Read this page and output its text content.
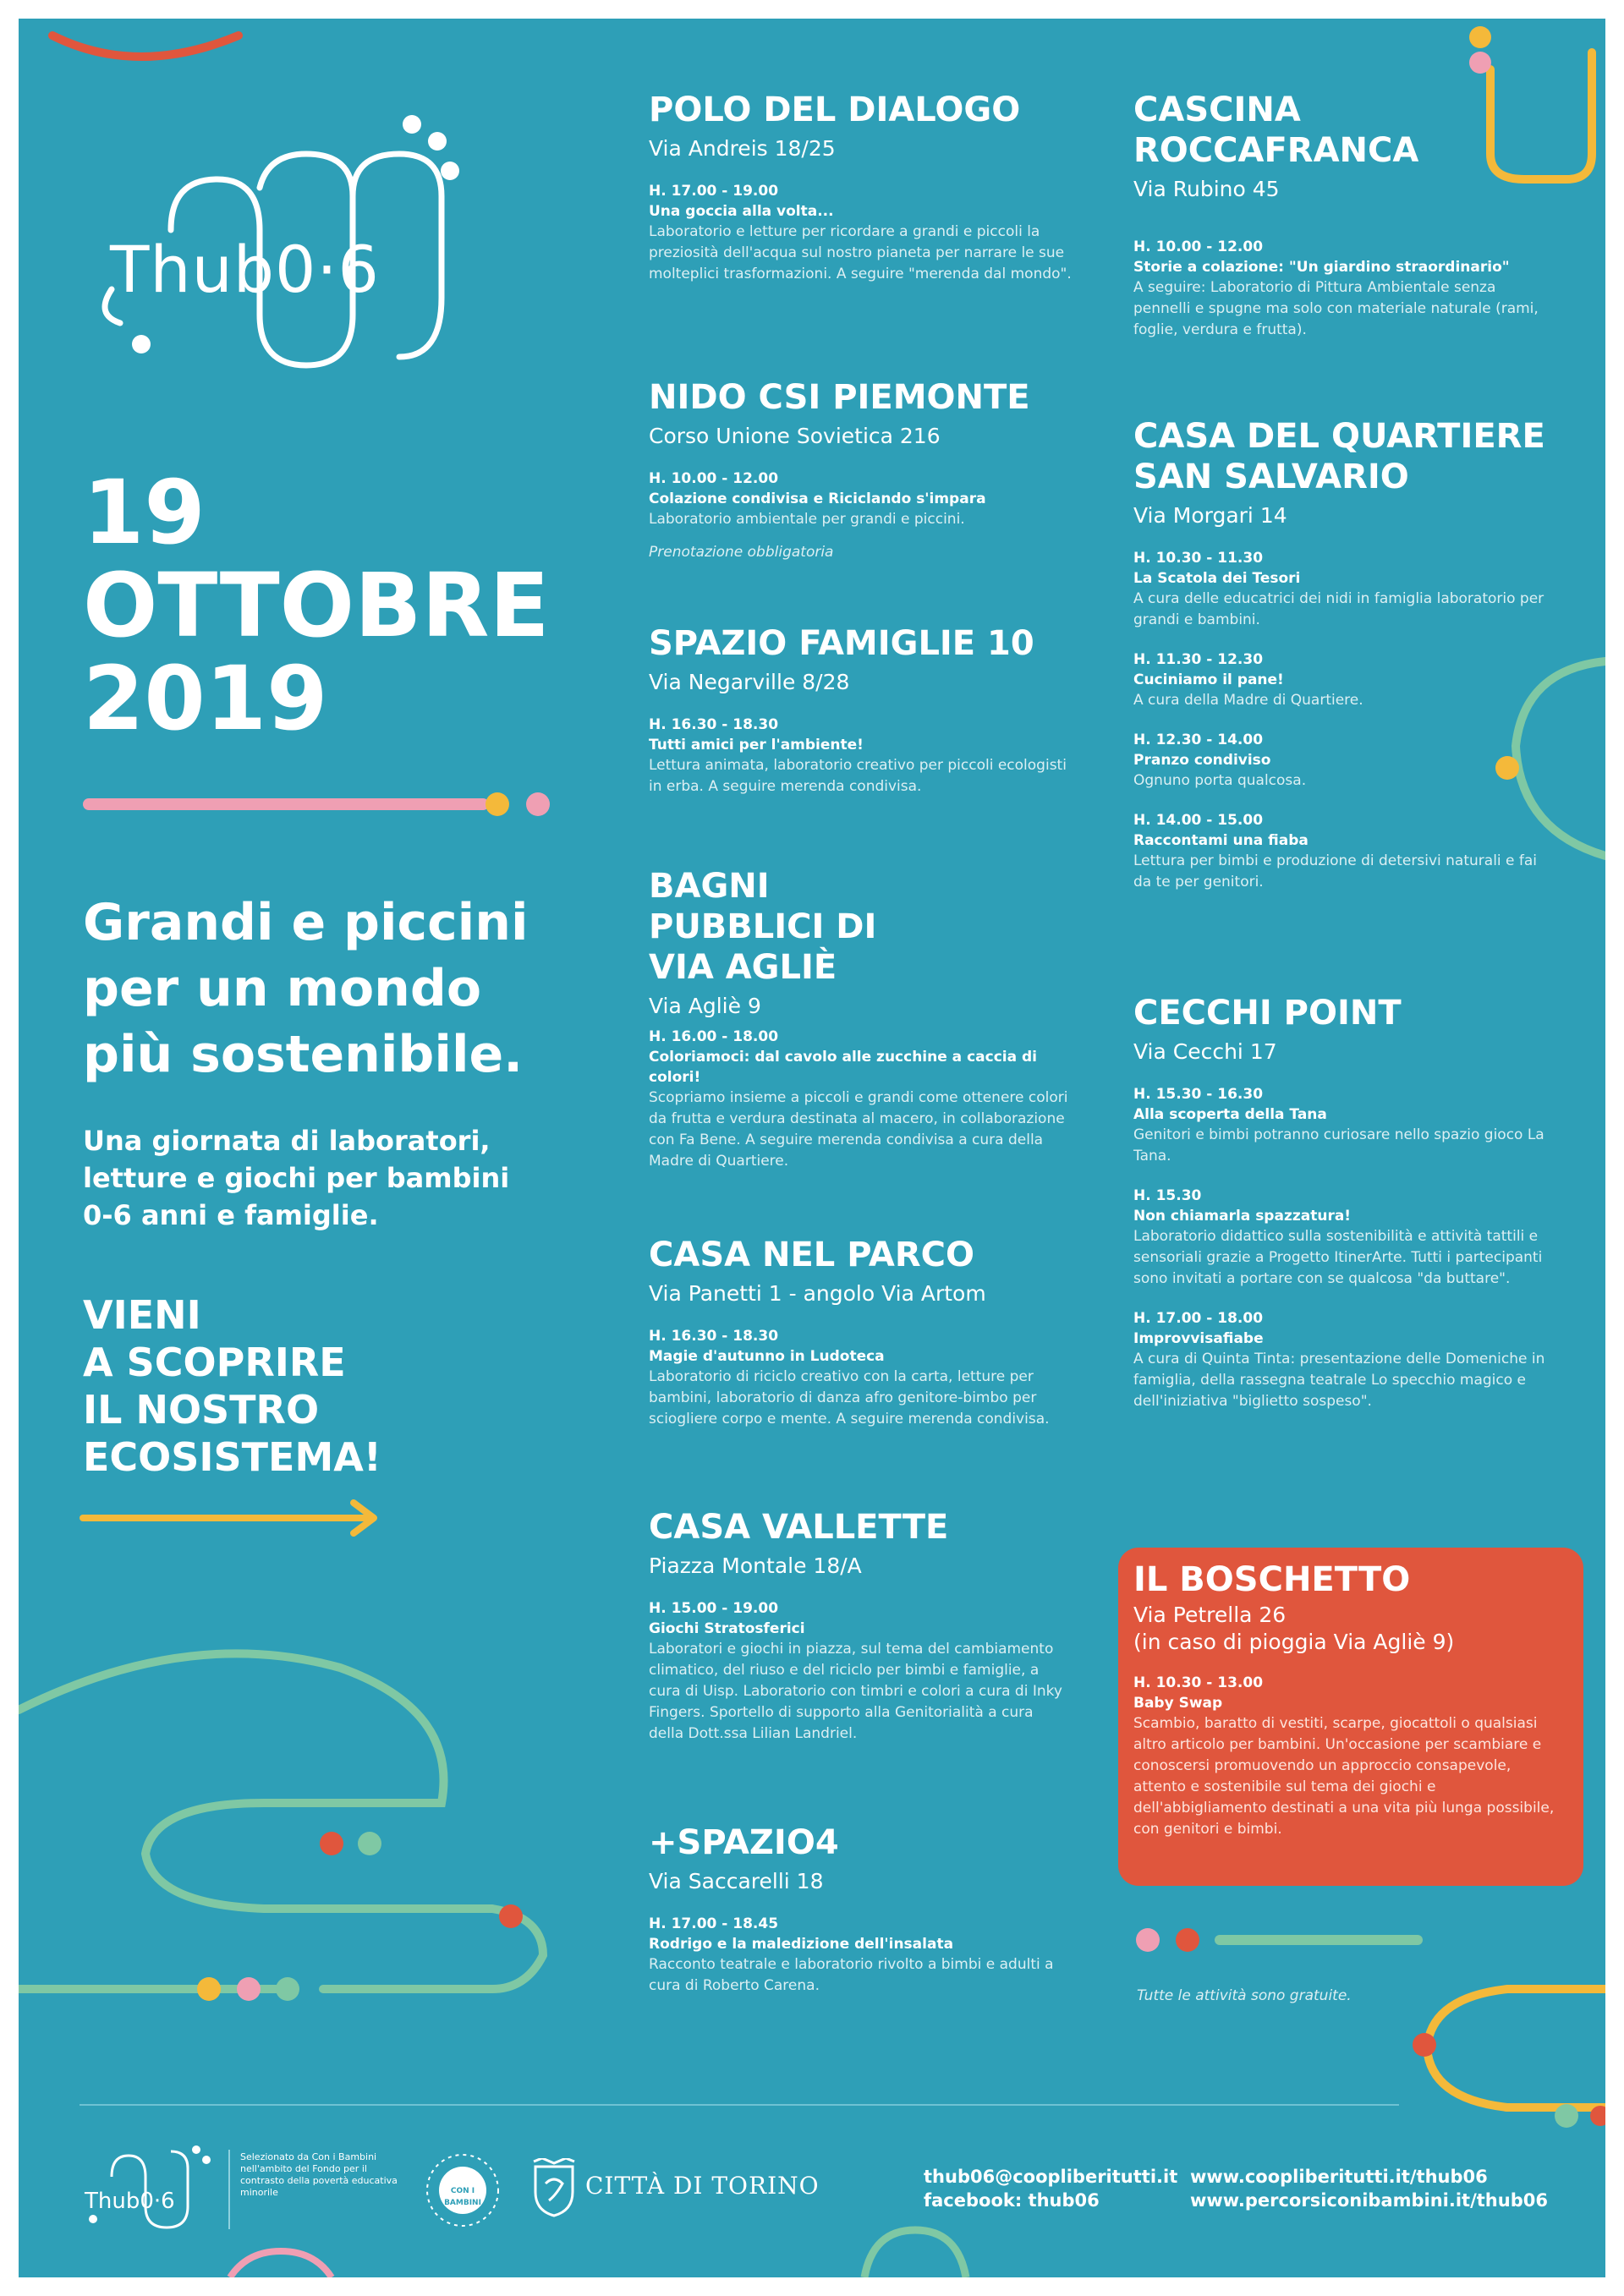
Thub0·6
19
OTTOBRE
2019
Grandi e piccini
per un mondo
più sostenibile.
Una giornata di laboratori,
letture e giochi per bambini
0-6 anni e famiglie.
VIENI
A SCOPRIRE
IL NOSTRO
ECOSISTEMA!
POLO DEL DIALOGO
Via Andreis 18/25
H. 17.00 - 19.00
Una goccia alla volta...
Laboratorio e letture per ricordare a grandi e piccoli la preziosità dell'acqua sul nostro pianeta per narrare le sue molteplici trasformazioni. A seguire "merenda dal mondo".
NIDO CSI PIEMONTE
Corso Unione Sovietica 216
H. 10.00 - 12.00
Colazione condivisa e Riciclando s'impara
Laboratorio ambientale per grandi e piccini.
Prenotazione obbligatoria
SPAZIO FAMIGLIE 10
Via Negarville 8/28
H. 16.30 - 18.30
Tutti amici per l'ambiente!
Lettura animata, laboratorio creativo per piccoli ecologisti in erba. A seguire merenda condivisa.
BAGNI PUBBLICI DI VIA AGLIÈ
Via Agliè 9
H. 16.00 - 18.00
Coloriamoci: dal cavolo alle zucchine a caccia di colori!
Scopriamo insieme a piccoli e grandi come ottenere colori da frutta e verdura destinata al macero, in collaborazione con Fa Bene. A seguire merenda condivisa a cura della Madre di Quartiere.
CASA NEL PARCO
Via Panetti 1 - angolo Via Artom
H. 16.30 - 18.30
Magie d'autunno in Ludoteca
Laboratorio di riciclo creativo con la carta, letture per bambini, laboratorio di danza afro genitore-bimbo per sciogliere corpo e mente. A seguire merenda condivisa.
CASA VALLETTE
Piazza Montale 18/A
H. 15.00 - 19.00
Giochi Stratosferici
Laboratori e giochi in piazza, sul tema del cambiamento climatico, del riuso e del riciclo per bimbi e famiglie, a cura di Uisp. Laboratorio con timbri e colori a cura di Inky Fingers. Sportello di supporto alla Genitorialità a cura della Dott.ssa Lilian Landriel.
+SPAZIO4
Via Saccarelli 18
H. 17.00 - 18.45
Rodrigo e la maledizione dell'insalata
Racconto teatrale e laboratorio rivolto a bimbi e adulti a cura di Roberto Carena.
CASCINA ROCCAFRANCA
Via Rubino 45
H. 10.00 - 12.00
Storie a colazione: "Un giardino straordinario"
A seguire: Laboratorio di Pittura Ambientale senza pennelli e spugne ma solo con materiale naturale (rami, foglie, verdura e frutta).
CASA DEL QUARTIERE SAN SALVARIO
Via Morgari 14
H. 10.30 - 11.30
La Scatola dei Tesori
A cura delle educatrici dei nidi in famiglia laboratorio per grandi e bambini.
H. 11.30 - 12.30
Cuciniamo il pane!
A cura della Madre di Quartiere.
H. 12.30 - 14.00
Pranzo condiviso
Ognuno porta qualcosa.
H. 14.00 - 15.00
Raccontami una fiaba
Lettura per bimbi e produzione di detersivi naturali e fai da te per genitori.
CECCHI POINT
Via Cecchi 17
H. 15.30 - 16.30
Alla scoperta della Tana
Genitori e bimbi potranno curiosare nello spazio gioco La Tana.
H. 15.30
Non chiamarla spazzatura!
Laboratorio didattico sulla sostenibilità e attività tattili e sensoriali grazie a Progetto ItinerArte. Tutti i partecipanti sono invitati a portare con se qualcosa "da buttare".
H. 17.00 - 18.00
Improvvisafiabe
A cura di Quinta Tinta: presentazione delle Domeniche in famiglia, della rassegna teatrale Lo specchio magico e dell'iniziativa "biglietto sospeso".
IL BOSCHETTO
Via Petrella 26
(in caso di pioggia Via Agliè 9)
H. 10.30 - 13.00
Baby Swap
Scambio, baratto di vestiti, scarpe, giocattoli o qualsiasi altro articolo per bambini. Un'occasione per scambiare e conoscersi promuovendo un approccio consapevole, attento e sostenibile sul tema dei giochi e dell'abbigliamento destinati a una vita più lunga possibile, con genitori e bimbi.
Tutte le attività sono gratuite.
Thub0·6
Selezionato da Con i Bambini nell'ambito del Fondo per il contrasto della povertà educativa minorile	CON I BAMBINI
CITTÀ DI TORINO	thub06@coopliberitutti.it
facebook: thub06
www.coopliberitutti.it/thub06
www.percorsiconibambini.it/thub06
